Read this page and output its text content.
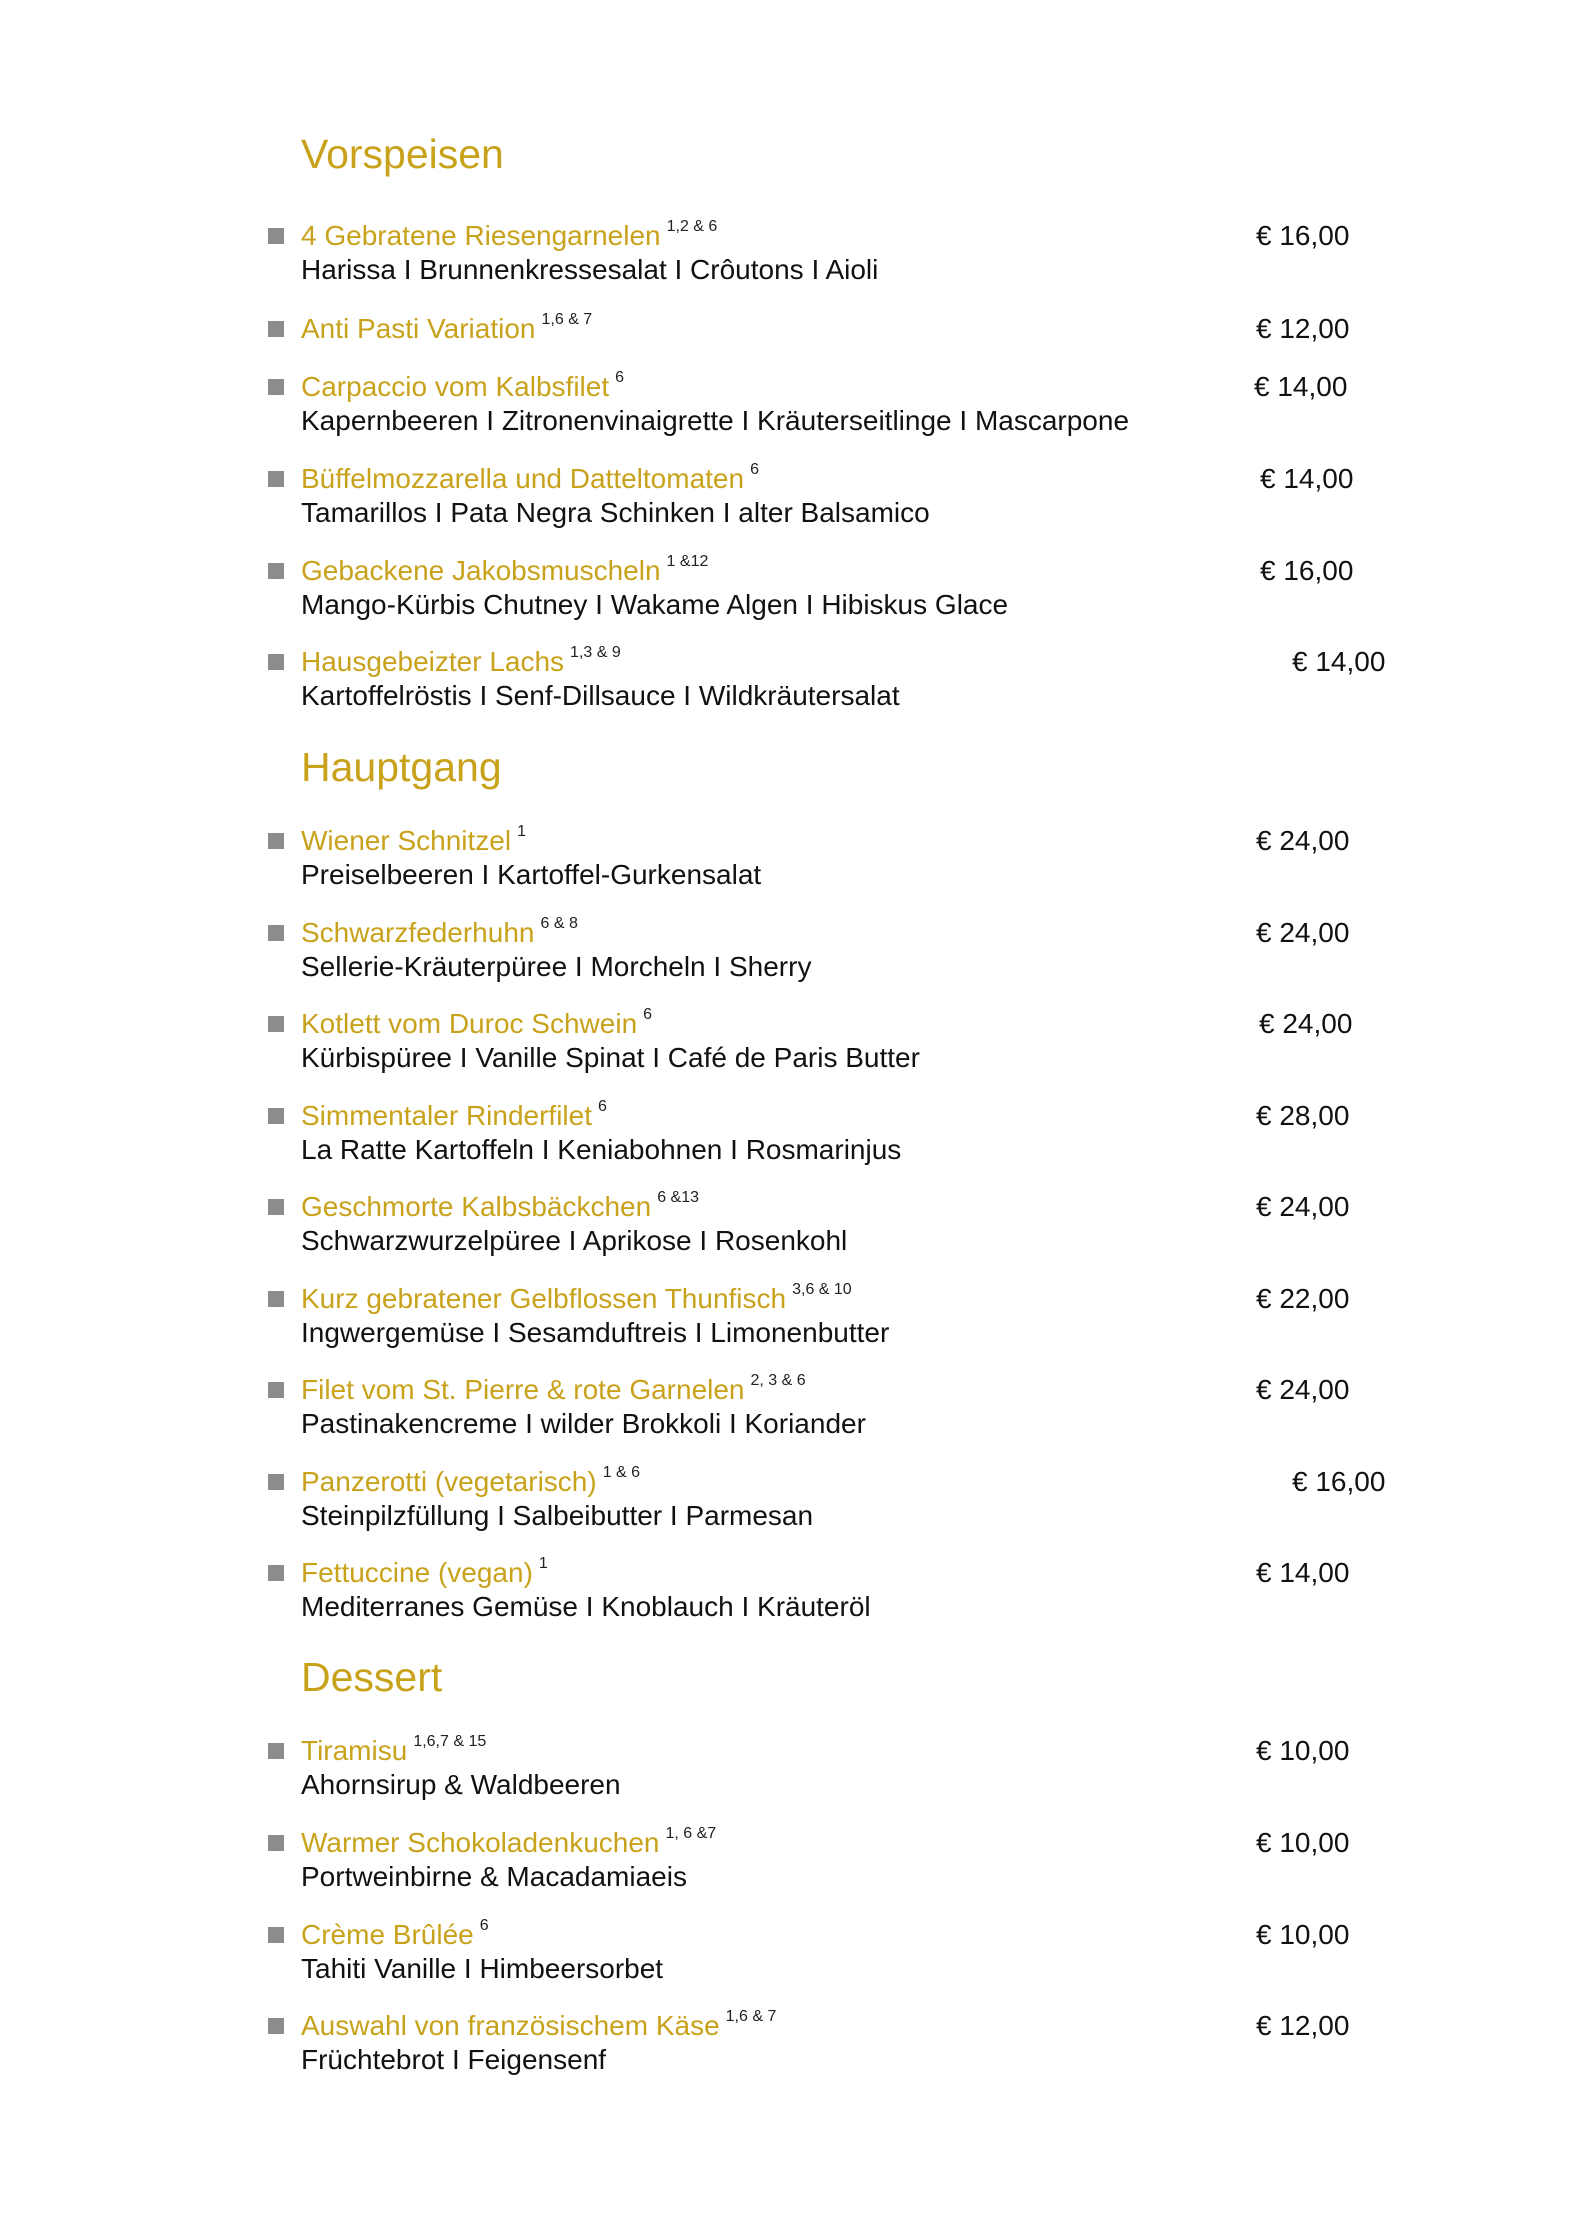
Vorspeisen
4 Gebratene Riesengarnelen $^{1,2 \& 6}$
Harissa I Brunnenkressesalat I Crôutons I Aioli
€ 16,00
Anti Pasti Variation $^{1,6 \& 7}$	€ 12,00
Carpaccio vom Kalbsfilet $^6$
Kapernbeeren I Zitronenvinaigrette I Kräuterseitlinge I Mascarpone
€ 14,00
Büffelmozzarella und Datteltomaten $^6$
Tamarillos I Pata Negra Schinken I alter Balsamico
€ 14,00
Gebackene Jakobsmuscheln $^{1 \&12}$
Mango-Kürbis Chutney I Wakame Algen I Hibiskus Glace
€ 16,00
Hausgebeizter Lachs $^{1,3 \& 9}$
Kartoffelröstis I Senf-Dillsauce I Wildkräutersalat
€ 14,00
Hauptgang
Wiener Schnitzel $^1$
Preiselbeeren I Kartoffel-Gurkensalat
€ 24,00
Schwarzfederhuhn $^{6 \& 8}$
Sellerie-Kräuterpüree I Morcheln I Sherry
€ 24,00
Kotlett vom Duroc Schwein $^6$
Kürbispüree I Vanille Spinat I Café de Paris Butter
€ 24,00
Simmentaler Rinderfilet $^6$
La Ratte Kartoffeln I Keniabohnen I Rosmarinjus
€ 28,00
Geschmorte Kalbsbäckchen $^{6 \&13}$
Schwarzwurzelpüree I Aprikose I Rosenkohl
€ 24,00
Kurz gebratener Gelbflossen Thunfisch $^{3,6 \& 10}$
Ingwergemüse I Sesamduftreis I Limonenbutter
€ 22,00
Filet vom St. Pierre & rote Garnelen $^{2, 3 \& 6}$
Pastinakencreme I wilder Brokkoli I Koriander
€ 24,00
Panzerotti (vegetarisch) $^{1 \& 6}$
Steinpilzfüllung I Salbeibutter I Parmesan
€ 16,00
Fettuccine (vegan) $^1$
Mediterranes Gemüse I Knoblauch I Kräuteröl
€ 14,00
Dessert
Tiramisu $^{1,6,7 \& 15}$
Ahornsirup & Waldbeeren
€ 10,00
Warmer Schokoladenkuchen $^{1, 6 \&7}$
Portweinbirne & Macadamiaeis
€ 10,00
Crème Brûlée $^6$
Tahiti Vanille I Himbeersorbet
€ 10,00
Auswahl von französischem Käse $^{1,6 \& 7}$
Früchtebrot I Feigensenf
€ 12,00
